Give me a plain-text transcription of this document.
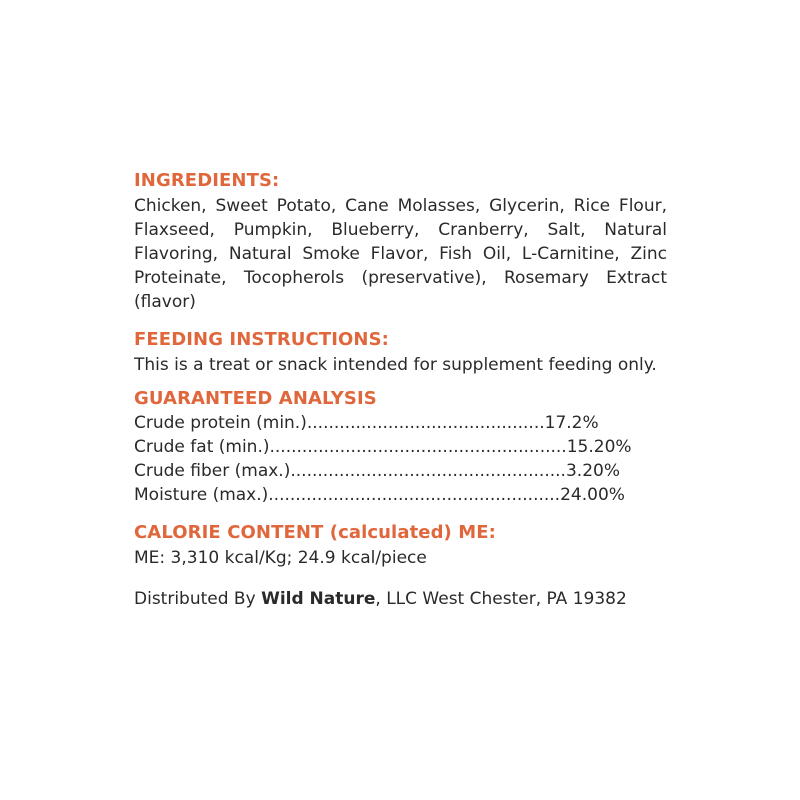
INGREDIENTS:

Chicken, Sweet Potato, Cane Molasses, Glycerin, Rice Flour, Flaxseed, Pumpkin, Blueberry, Cranberry, Salt, Natural Flavoring, Natural Smoke Flavor, Fish Oil, L-Carnitine, Zinc Proteinate, Tocopherols (preservative), Rosemary Extract (flavor)

FEEDING INSTRUCTIONS:

This is a treat or snack intended for supplement feeding only.

GUARANTEED ANALYSIS
Crude protein (min.)............................................17.2%
Crude fat (min.).......................................................15.20%
Crude fiber (max.)...................................................3.20%
Moisture (max.)......................................................24.00%
CALORIE CONTENT (calculated) ME:

ME: 3,310 kcal/Kg; 24.9 kcal/piece

Distributed By Wild Nature, LLC West Chester, PA 19382
